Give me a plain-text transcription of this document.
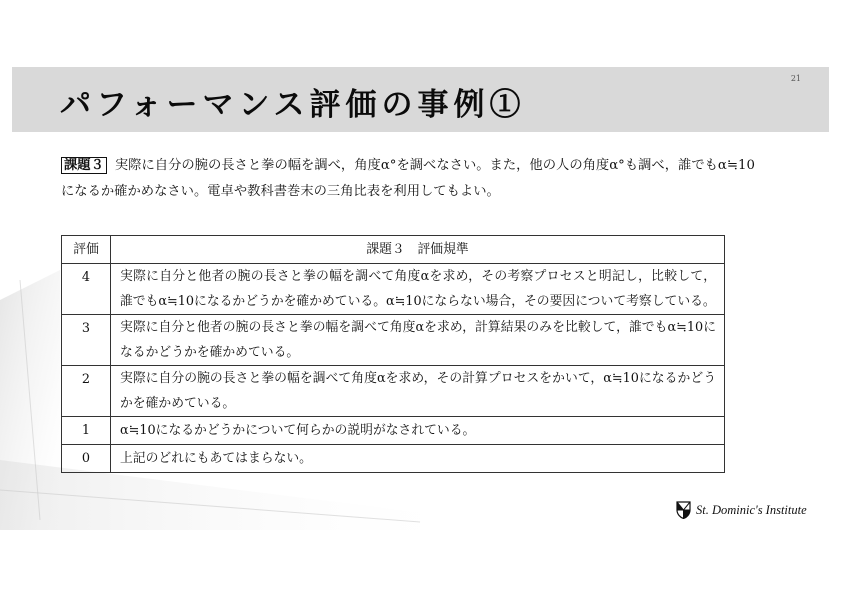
パフォーマンス評価の事例①
21
課題３ 実際に自分の腕の長さと拳の幅を調べ，角度α°を調べなさい。また，他の人の角度α°も調べ，誰でもα≒10になるか確かめなさい。電卓や教科書巻末の三角比表を利用してもよい。
評価	課題３　評価規準
4	実際に自分と他者の腕の長さと拳の幅を調べて角度αを求め，その考察プロセスと明記し，比較して，誰でもα≒10になるかどうかを確かめている。α≒10にならない場合，その要因について考察している。
3	実際に自分と他者の腕の長さと拳の幅を調べて角度αを求め，計算結果のみを比較して，誰でもα≒10になるかどうかを確かめている。
2	実際に自分の腕の長さと拳の幅を調べて角度αを求め，その計算プロセスをかいて，α≒10になるかどうかを確かめている。
1	α≒10になるかどうかについて何らかの説明がなされている。
0	上記のどれにもあてはまらない。
St. Dominic's Institute
